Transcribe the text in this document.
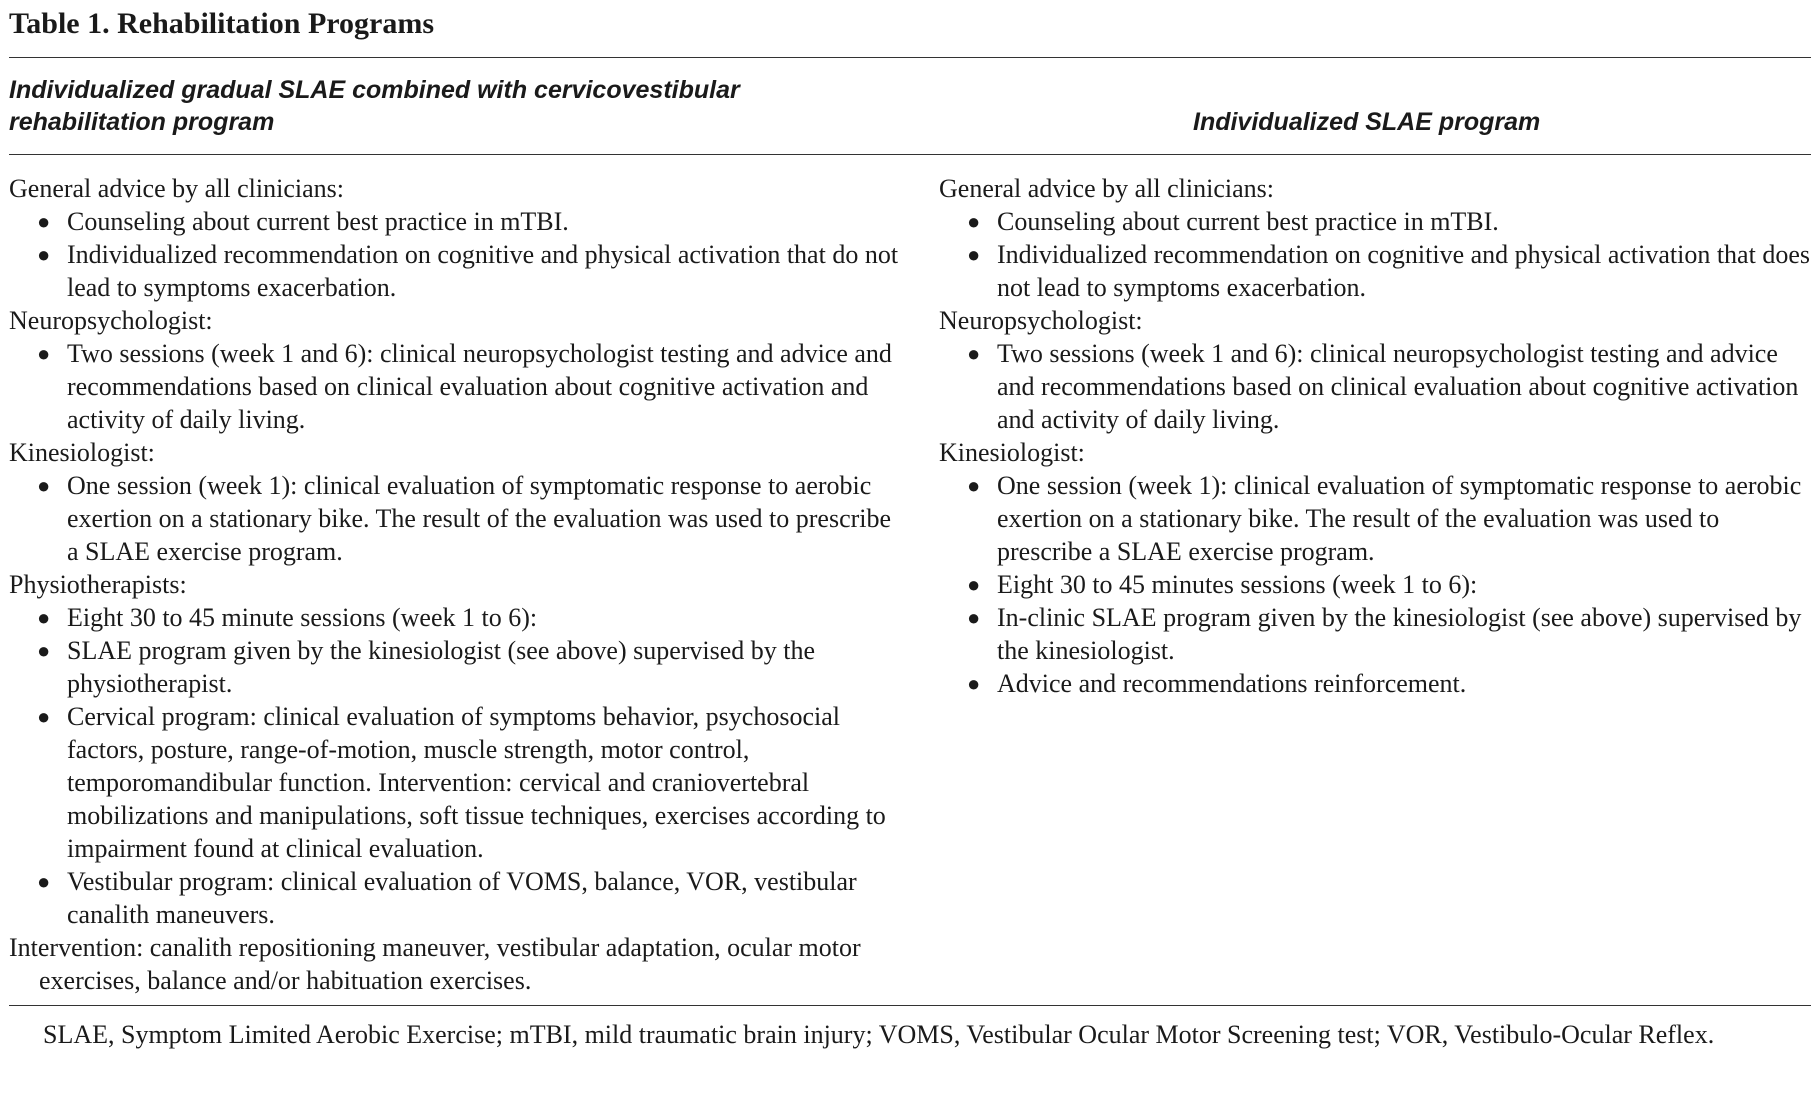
Table 1. Rehabilitation Programs
Individualized gradual SLAE combined with cervicovestibular
rehabilitation program	Individualized SLAE program
General advice by all clinicians:
● Counseling about current best practice in mTBI.
● Individualized recommendation on cognitive and physical activation that do not lead to symptoms exacerbation.
Neuropsychologist:
● Two sessions (week 1 and 6): clinical neuropsychologist testing and advice and recommendations based on clinical evaluation about cognitive activation and activity of daily living.
Kinesiologist:
● One session (week 1): clinical evaluation of symptomatic response to aerobic exertion on a stationary bike. The result of the evaluation was used to prescribe a SLAE exercise program.
Physiotherapists:
● Eight 30 to 45 minute sessions (week 1 to 6):
● SLAE program given by the kinesiologist (see above) supervised by the physiotherapist.
● Cervical program: clinical evaluation of symptoms behavior, psychosocial factors, posture, range-of-motion, muscle strength, motor control, temporomandibular function. Intervention: cervical and craniovertebral mobilizations and manipulations, soft tissue techniques, exercises according to impairment found at clinical evaluation.
● Vestibular program: clinical evaluation of VOMS, balance, VOR, vestibular canalith maneuvers.
Intervention: canalith repositioning maneuver, vestibular adaptation, ocular motor exercises, balance and/or habituation exercises.
General advice by all clinicians:
● Counseling about current best practice in mTBI.
● Individualized recommendation on cognitive and physical activation that does not lead to symptoms exacerbation.
Neuropsychologist:
● Two sessions (week 1 and 6): clinical neuropsychologist testing and advice and recommendations based on clinical evaluation about cognitive activation and activity of daily living.
Kinesiologist:
● One session (week 1): clinical evaluation of symptomatic response to aerobic exertion on a stationary bike. The result of the evaluation was used to prescribe a SLAE exercise program.
● Eight 30 to 45 minutes sessions (week 1 to 6):
● In-clinic SLAE program given by the kinesiologist (see above) supervised by the kinesiologist.
● Advice and recommendations reinforcement.
SLAE, Symptom Limited Aerobic Exercise; mTBI, mild traumatic brain injury; VOMS, Vestibular Ocular Motor Screening test; VOR, Vestibulo-Ocular Reflex.
